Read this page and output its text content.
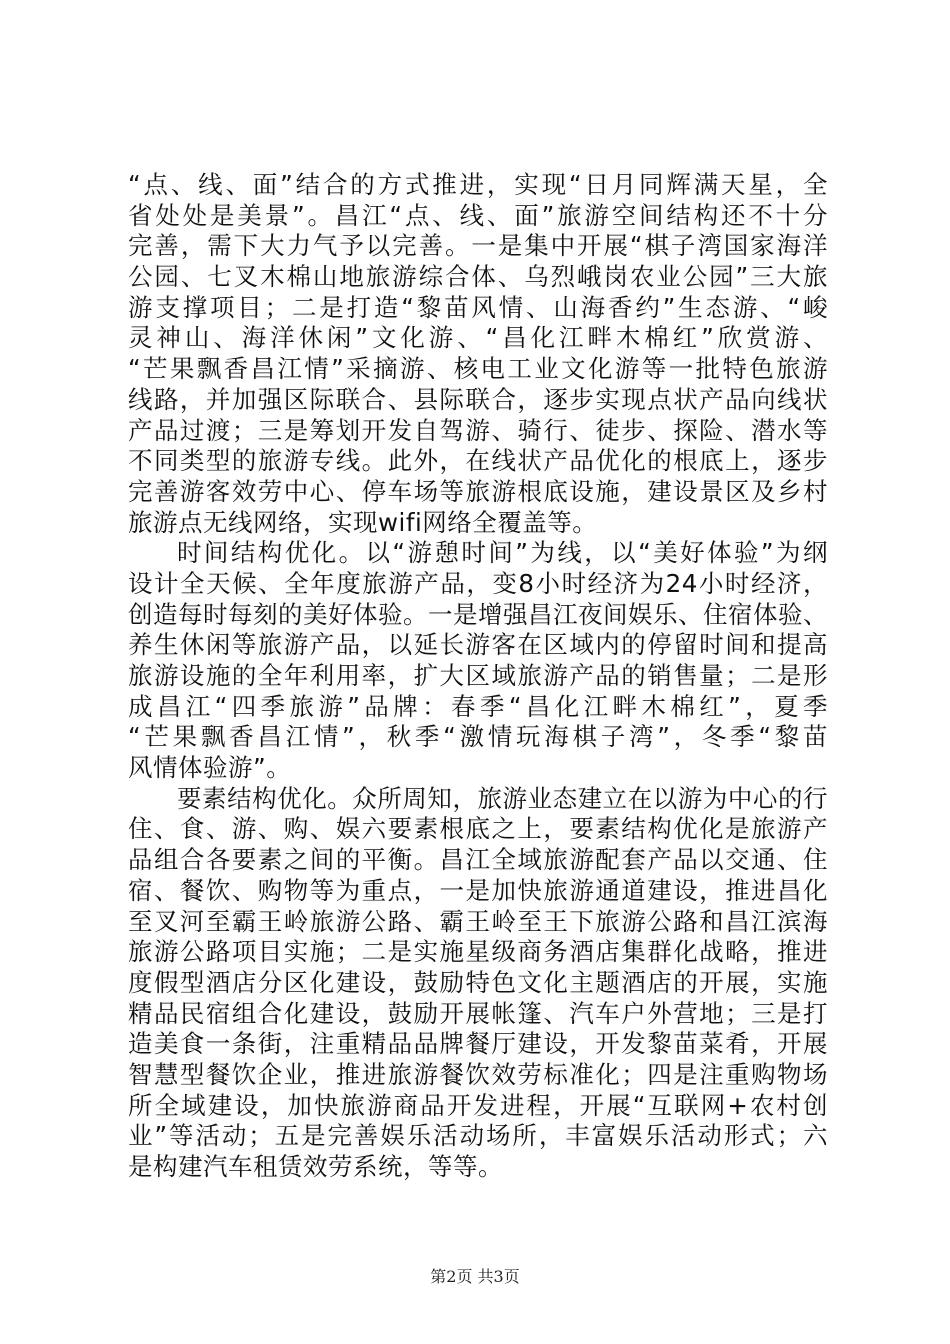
“点、线、面”结合的方式推进，实现“日月同辉满天星，全
省处处是美景”。昌江“点、线、面”旅游空间结构还不十分
完善，需下大力气予以完善。一是集中开展“棋子湾国家海洋
公园、七叉木棉山地旅游综合体、乌烈峨岗农业公园”三大旅
游支撑项目；二是打造“黎苗风情、山海香约”生态游、“峻
灵神山、海洋休闲”文化游、“昌化江畔木棉红”欣赏游、
“芒果飘香昌江情”采摘游、核电工业文化游等一批特色旅游
线路，并加强区际联合、县际联合，逐步实现点状产品向线状
产品过渡；三是筹划开发自驾游、骑行、徒步、探险、潜水等
不同类型的旅游专线。此外，在线状产品优化的根底上，逐步
完善游客效劳中心、停车场等旅游根底设施，建设景区及乡村
旅游点无线网络，实现wifi网络全覆盖等。
时间结构优化。以“游憩时间”为线，以“美好体验”为纲
设计全天候、全年度旅游产品，变8小时经济为24小时经济，
创造每时每刻的美好体验。一是增强昌江夜间娱乐、住宿体验、
养生休闲等旅游产品，以延长游客在区域内的停留时间和提高
旅游设施的全年利用率，扩大区域旅游产品的销售量；二是形
成昌江“四季旅游”品牌：春季“昌化江畔木棉红”，夏季
“芒果飘香昌江情”，秋季“激情玩海棋子湾”，冬季“黎苗
风情体验游”。
要素结构优化。众所周知，旅游业态建立在以游为中心的行
住、食、游、购、娱六要素根底之上，要素结构优化是旅游产
品组合各要素之间的平衡。昌江全域旅游配套产品以交通、住
宿、餐饮、购物等为重点，一是加快旅游通道建设，推进昌化
至叉河至霸王岭旅游公路、霸王岭至王下旅游公路和昌江滨海
旅游公路项目实施；二是实施星级商务酒店集群化战略，推进
度假型酒店分区化建设，鼓励特色文化主题酒店的开展，实施
精品民宿组合化建设，鼓励开展帐篷、汽车户外营地；三是打
造美食一条街，注重精品品牌餐厅建设，开发黎苗菜肴，开展
智慧型餐饮企业，推进旅游餐饮效劳标准化；四是注重购物场
所全域建设，加快旅游商品开发进程，开展“互联网+农村创
业”等活动；五是完善娱乐活动场所，丰富娱乐活动形式；六
是构建汽车租赁效劳系统，等等。
第2页 共3页
